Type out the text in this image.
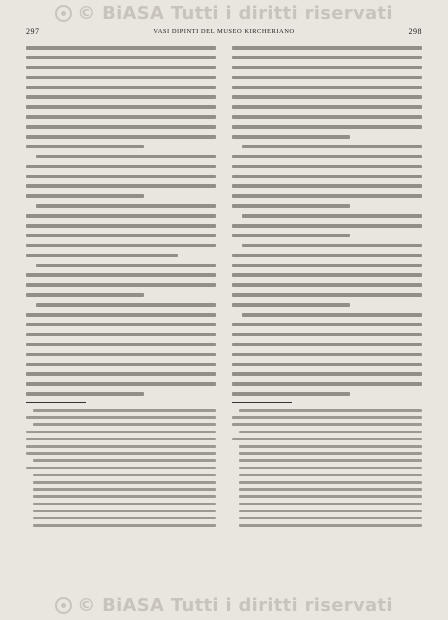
© BiASA Tutti i diritti riservati
297	VASI DIPINTI DEL MUSEO KIRCHERIANO	298
© BiASA Tutti i diritti riservati
